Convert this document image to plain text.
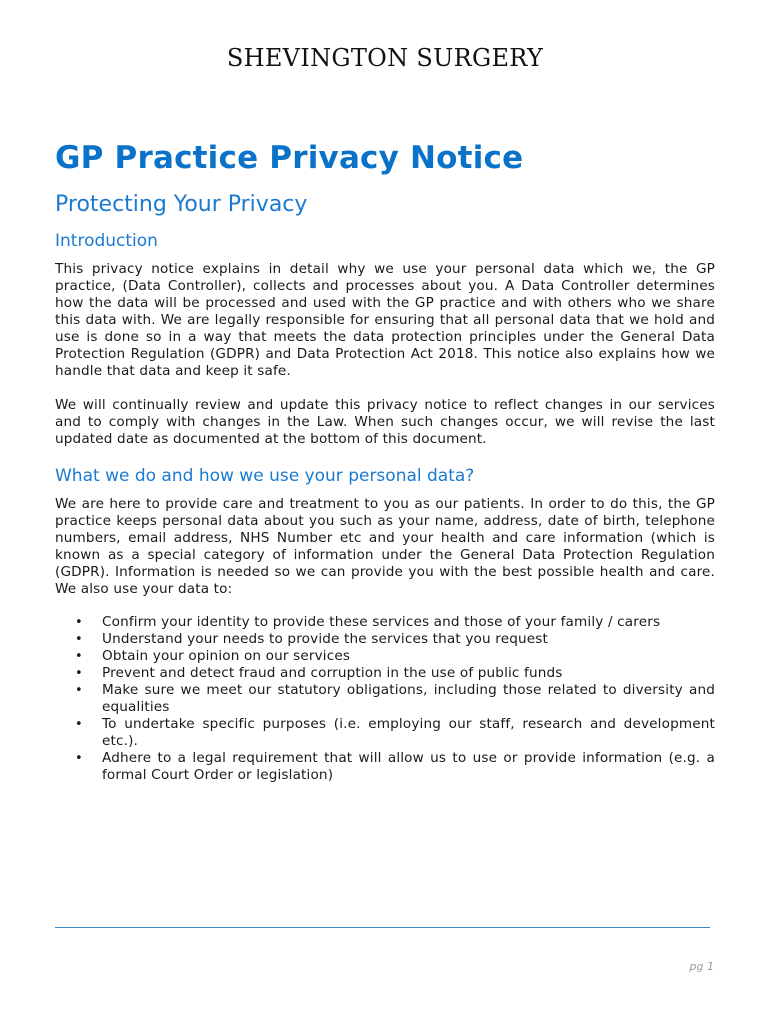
SHEVINGTON SURGERY
GP Practice Privacy Notice
Protecting Your Privacy
Introduction

This privacy notice explains in detail why we use your personal data which we, the GP practice, (Data Controller), collects and processes about you. A Data Controller determines how the data will be processed and used with the GP practice and with others who we share this data with. We are legally responsible for ensuring that all personal data that we hold and use is done so in a way that meets the data protection principles under the General Data Protection Regulation (GDPR) and Data Protection Act 2018. This notice also explains how we handle that data and keep it safe.

We will continually review and update this privacy notice to reflect changes in our services and to comply with changes in the Law. When such changes occur, we will revise the last updated date as documented at the bottom of this document.

What we do and how we use your personal data?

We are here to provide care and treatment to you as our patients. In order to do this, the GP practice keeps personal data about you such as your name, address, date of birth, telephone numbers, email address, NHS Number etc and your health and care information (which is known as a special category of information under the General Data Protection Regulation (GDPR). Information is needed so we can provide you with the best possible health and care. We also use your data to:

• Confirm your identity to provide these services and those of your family / carers
• Understand your needs to provide the services that you request
• Obtain your opinion on our services
• Prevent and detect fraud and corruption in the use of public funds
• Make sure we meet our statutory obligations, including those related to diversity and equalities
• To undertake specific purposes (i.e. employing our staff, research and development etc.).
• Adhere to a legal requirement that will allow us to use or provide information (e.g. a formal Court Order or legislation)
pg 1
